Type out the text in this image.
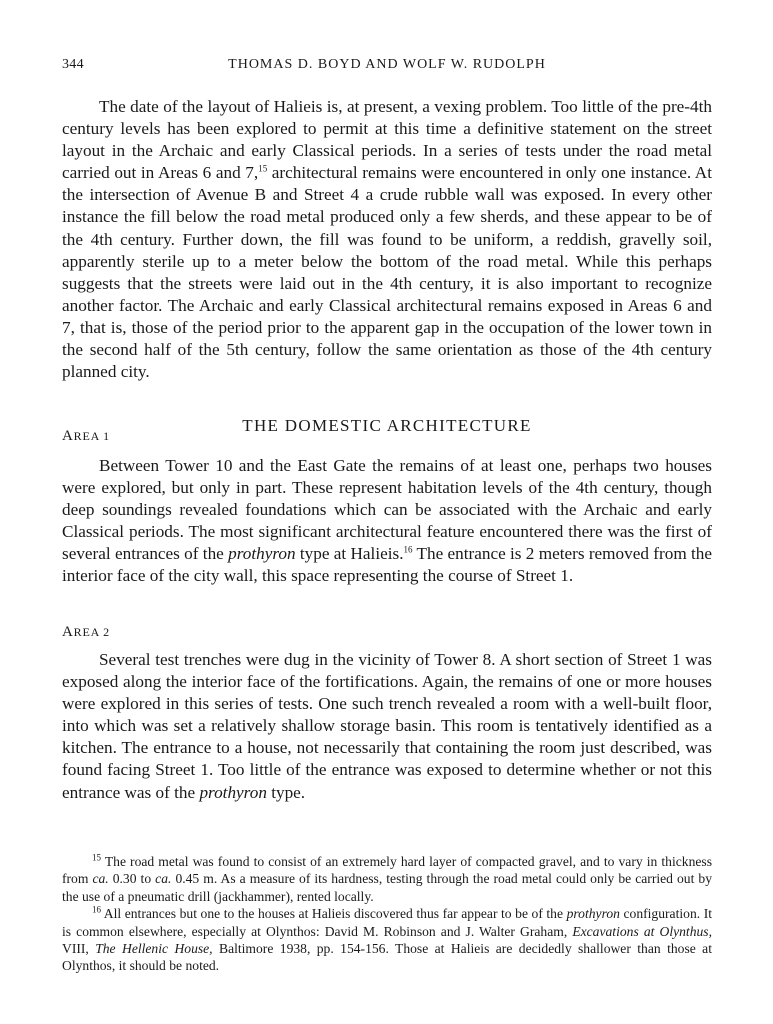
344	THOMAS D. BOYD AND WOLF W. RUDOLPH

The date of the layout of Halieis is, at present, a vexing problem. Too little of the pre-4th century levels has been explored to permit at this time a definitive statement on the street layout in the Archaic and early Classical periods. In a series of tests under the road metal carried out in Areas 6 and 7,15 architectural remains were encountered in only one instance. At the intersection of Avenue B and Street 4 a crude rubble wall was exposed. In every other instance the fill below the road metal produced only a few sherds, and these appear to be of the 4th century. Further down, the fill was found to be uniform, a reddish, gravelly soil, apparently sterile up to a meter below the bottom of the road metal. While this perhaps suggests that the streets were laid out in the 4th century, it is also important to recognize another factor. The Archaic and early Classical architectural remains exposed in Areas 6 and 7, that is, those of the period prior to the apparent gap in the occupation of the lower town in the second half of the 5th century, follow the same orientation as those of the 4th century planned city.

THE DOMESTIC ARCHITECTURE
AREA 1

Between Tower 10 and the East Gate the remains of at least one, perhaps two houses were explored, but only in part. These represent habitation levels of the 4th century, though deep soundings revealed foundations which can be associated with the Archaic and early Classical periods. The most significant architectural feature encountered there was the first of several entrances of the prothyron type at Halieis.$^{16}$ The entrance is 2 meters removed from the interior face of the city wall, this space representing the course of Street 1.

AREA 2

Several test trenches were dug in the vicinity of Tower 8. A short section of Street 1 was exposed along the interior face of the fortifications. Again, the remains of one or more houses were explored in this series of tests. One such trench revealed a room with a well-built floor, into which was set a relatively shallow storage basin. This room is tentatively identified as a kitchen. The entrance to a house, not necessarily that containing the room just described, was found facing Street 1. Too little of the entrance was exposed to determine whether or not this entrance was of the prothyron type.

$^{15}$ The road metal was found to consist of an extremely hard layer of compacted gravel, and to vary in thickness from ca. 0.30 to ca. 0.45 m. As a measure of its hardness, testing through the road metal could only be carried out by the use of a pneumatic drill (jackhammer), rented locally.

$^{16}$ All entrances but one to the houses at Halieis discovered thus far appear to be of the prothyron configuration. It is common elsewhere, especially at Olynthos: David M. Robinson and J. Walter Graham, Excavations at Olynthus, VIII, The Hellenic House, Baltimore 1938, pp. 154-156. Those at Halieis are decidedly shallower than those at Olynthos, it should be noted.
